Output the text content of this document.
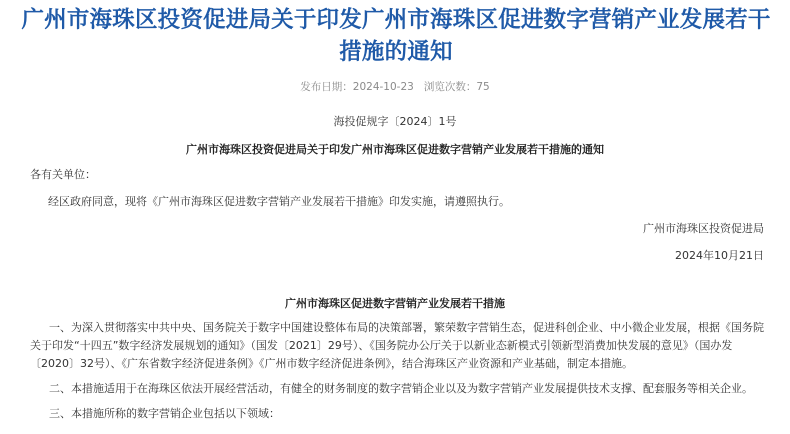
广州市海珠区投资促进局关于印发广州市海珠区促进数字营销产业发展若干措施的通知
发布日期：2024-10-23 浏览次数：75
海投促规字〔2024〕1号
广州市海珠区投资促进局关于印发广州市海珠区促进数字营销产业发展若干措施的通知

各有关单位：

经区政府同意，现将《广州市海珠区促进数字营销产业发展若干措施》印发实施，请遵照执行。

广州市海珠区投资促进局
2024年10月21日
广州市海珠区促进数字营销产业发展若干措施

一、为深入贯彻落实中共中央、国务院关于数字中国建设整体布局的决策部署，繁荣数字营销生态，促进科创企业、中小微企业发展，根据《国务院关于印发“十四五”数字经济发展规划的通知》（国发〔2021〕29号）、《国务院办公厅关于以新业态新模式引领新型消费加快发展的意见》（国办发〔2020〕32号）、《广东省数字经济促进条例》《广州市数字经济促进条例》，结合海珠区产业资源和产业基础，制定本措施。

二、本措施适用于在海珠区依法开展经营活动，有健全的财务制度的数字营销企业以及为数字营销产业发展提供技术支撑、配套服务等相关企业。

三、本措施所称的数字营销企业包括以下领域：
